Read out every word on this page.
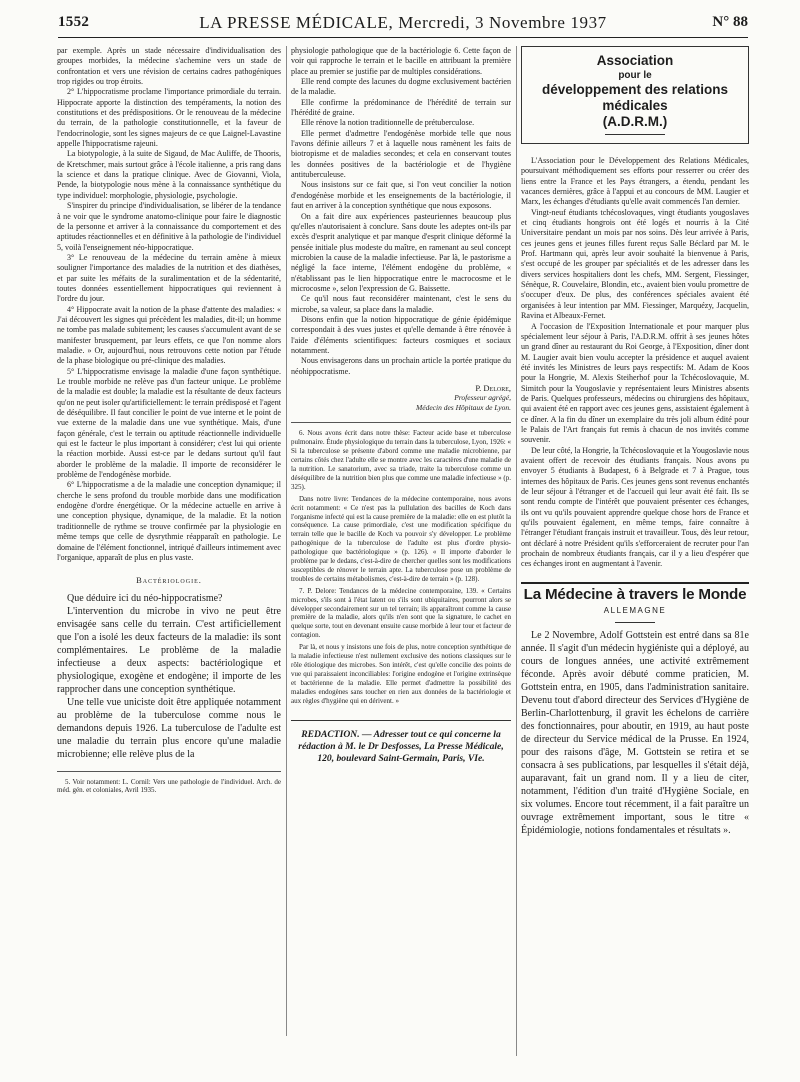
1552	LA PRESSE MÉDICALE, Mercredi, 3 Novembre 1937	N° 88

par exemple. Après un stade nécessaire d'individualisation des groupes morbides, la médecine s'achemine vers un stade de confrontation et vers une révision de certains cadres pathogéniques trop rigides ou trop étroits.

2° L'hippocratisme proclame l'importance primordiale du terrain. Hippocrate apporte la distinction des tempéraments, la notion des constitutions et des prédispositions. Or le renouveau de la médecine du terrain, de la pathologie constitutionnelle, et la faveur de l'endocrinologie, sont les signes majeurs de ce que Laignel-Lavastine appelle l'hippocratisme rajeuni.

La biotypologie, à la suite de Sigaud, de Mac Auliffe, de Thooris, de Kretschmer, mais surtout grâce à l'école italienne, a pris rang dans la science et dans la pratique clinique. Avec de Giovanni, Viola, Pende, la biotypologie nous mène à la connaissance synthétique du type individuel: morphologie, physiologie, psychologie.

S'inspirer du principe d'individualisation, se libérer de la tendance à ne voir que le syndrome anatomo-clinique pour faire le diagnostic de la personne et arriver à la connaissance du comportement et des aptitudes réactionnelles et en définitive à la pathologie de l'individuel 5, voilà l'enseignement néo-hippocratique.

3° Le renouveau de la médecine du terrain amène à mieux souligner l'importance des maladies de la nutrition et des diathèses, et par suite les méfaits de la suralimentation et de la sédentarité, toutes données essentiellement hippocratiques qui reviennent à l'ordre du jour.

4° Hippocrate avait la notion de la phase d'attente des maladies: « J'ai découvert les signes qui précèdent les maladies, dit-il; un homme ne tombe pas malade subitement; les causes s'accumulent avant de se manifester brusquement, par leurs effets, ce que l'on nomme alors maladie. » Or, aujourd'hui, nous retrouvons cette notion par l'étude de la phase biologique ou pré-clinique des maladies.

5° L'hippocratisme envisage la maladie d'une façon synthétique. Le trouble morbide ne relève pas d'un facteur unique. Le problème de la maladie est double; la maladie est la résultante de deux facteurs qu'on ne peut isoler qu'artificiellement: le terrain prédisposé et l'agent de déséquilibre. Il faut concilier le point de vue interne et le point de vue externe de la maladie dans une vue synthétique. Mais, d'une façon générale, c'est le terrain ou aptitude réactionnelle individuelle qui est le facteur le plus important à considérer; c'est lui qui oriente la réaction morbide. Aussi est-ce par le dedans surtout qu'il faut aborder le problème de la maladie. Il importe de reconsidérer le problème de l'endogénèse morbide.

6° L'hippocratisme a de la maladie une conception dynamique; il cherche le sens profond du trouble morbide dans une modification endogène d'ordre énergétique. Or la médecine actuelle en arrive à une conception physique, dynamique, de la maladie. Et la notion traditionnelle de rythme se trouve confirmée par la physiologie en même temps que celle de dysrythmie réapparaît en pathologie. Le domaine de l'élément fonctionnel, intriqué d'ailleurs intimement avec l'organique, apparaît de plus en plus vaste.

Bactériologie.

Que déduire ici du néo-hippocratisme?

L'intervention du microbe in vivo ne peut être envisagée sans celle du terrain. C'est artificiellement que l'on a isolé les deux facteurs de la maladie: ils sont complémentaires. Le problème de la maladie infectieuse a deux aspects: bactériologique et physiologique, exogène et endogène; il importe de les rapprocher dans une conception synthétique.

Une telle vue uniciste doit être appliquée notamment au problème de la tuberculose comme nous le demandons depuis 1926. La tuberculose de l'adulte est une maladie du terrain plus encore qu'une maladie microbienne; elle relève plus de la

5. Voir notamment: L. Cornil: Vers une pathologie de l'individuel. Arch. de méd. gén. et coloniales, Avril 1935.

physiologie pathologique que de la bactériologie 6. Cette façon de voir qui rapproche le terrain et le bacille en attribuant la première place au premier se justifie par de multiples considérations.

Elle rend compte des lacunes du dogme exclusivement bactérien de la maladie.

Elle confirme la prédominance de l'hérédité de terrain sur l'hérédité de graine.

Elle rénove la notion traditionnelle de prétuberculose.

Elle permet d'admettre l'endogénèse morbide telle que nous l'avons définie ailleurs 7 et à laquelle nous ramènent les faits de biotropisme et de maladies secondes; et cela en conservant toutes les données positives de la bactériologie et de l'hygiène antituberculeuse.

Nous insistons sur ce fait que, si l'on veut concilier la notion d'endogénèse morbide et les enseignements de la bactériologie, il faut en arriver à la conception synthétique que nous exposons.

On a fait dire aux expériences pasteuriennes beaucoup plus qu'elles n'autorisaient à conclure. Sans doute les adeptes ont-ils par excès d'esprit analytique et par manque d'esprit clinique déformé la pensée initiale plus modeste du maître, en ramenant au seul concept microbien la cause de la maladie infectieuse. Par là, le pastorisme a négligé la face interne, l'élément endogène du problème, « n'établissant pas le lien hippocratique entre le macrocosme et le microcosme », selon l'expression de G. Baissette.

Ce qu'il nous faut reconsidérer maintenant, c'est le sens du microbe, sa valeur, sa place dans la maladie.

Disons enfin que la notion hippocratique de génie épidémique correspondait à des vues justes et qu'elle demande à être rénovée à l'aide d'éléments scientifiques: facteurs cosmiques et sociaux notamment.

Nous envisagerons dans un prochain article la portée pratique du néohippocratisme.

P. Delore,
Professeur agrégé,
Médecin des Hôpitaux de Lyon.

6. Nous avons écrit dans notre thèse: Facteur acide base et tuberculose pulmonaire. Étude physiologique du terrain dans la tuberculose, Lyon, 1926: « Si la tuberculose se présente d'abord comme une maladie microbienne, par certains côtés chez l'adulte elle se montre avec les caractères d'une maladie de la nutrition. Le sanatorium, avec sa triade, traite la tuberculose comme un déséquilibre de la nutrition bien plus que comme une maladie infectieuse » (p. 325).

Dans notre livre: Tendances de la médecine contemporaine, nous avons écrit notamment: « Ce n'est pas la pullulation des bacilles de Koch dans l'organisme infecté qui est la cause première de la maladie: elle en est plutôt la conséquence. La cause primordiale, c'est une modification spécifique du terrain telle que le bacille de Koch va pouvoir s'y développer. Le problème pathogénique de la tuberculose de l'adulte est plus d'ordre physio-pathologique que bactériologique » (p. 126). « Il importe d'aborder le problème par le dedans, c'est-à-dire de chercher quelles sont les modifications susceptibles de rénover le terrain apte. La tuberculose pose un problème de troubles de certains métabolismes, c'est-à-dire de terrain » (p. 128).

7. P. Delore: Tendances de la médecine contemporaine, 139. « Certains microbes, s'ils sont à l'état latent ou s'ils sont ubiquitaires, pourront alors se développer secondairement sur un tel terrain; ils apparaîtront comme la cause première de la maladie, alors qu'ils n'en sont que la signature, le cachet en quelque sorte, tout en devenant ensuite cause morbide à leur tour et facteur de contagion.

Par là, et nous y insistons une fois de plus, notre conception synthétique de la maladie infectieuse n'est nullement exclusive des notions classiques sur le rôle étiologique des microbes. Son intérêt, c'est qu'elle concilie des points de vue qui paraissaient inconciliables: l'origine endogène et l'origine extrinsèque et bactérienne de la maladie. Elle permet d'admettre la possibilité des maladies endogènes sans toucher en rien aux données de la bactériologie et aux règles d'hygiène qui en dérivent. »

REDACTION. — Adresser tout ce qui concerne la rédaction à M. le Dr Desfosses, La Presse Médicale, 120, boulevard Saint-Germain, Paris, VIe.
Association
pour le
développement des relations médicales
(A.D.R.M.)

L'Association pour le Développement des Relations Médicales, poursuivant méthodiquement ses efforts pour resserrer ou créer des liens entre la France et les Pays étrangers, a étendu, pendant les vacances dernières, grâce à l'appui et au concours de MM. Laugier et Marx, les échanges d'étudiants qu'elle avait commencés l'an dernier.

Vingt-neuf étudiants tchécoslovaques, vingt étudiants yougoslaves et cinq étudiants hongrois ont été logés et nourris à la Cité Universitaire pendant un mois par nos soins. Dès leur arrivée à Paris, ces jeunes gens et jeunes filles furent reçus Salle Béclard par M. le Prof. Hartmann qui, après leur avoir souhaité la bienvenue à Paris, s'est occupé de les grouper par spécialités et de les adresser dans les divers services hospitaliers dont les chefs, MM. Sergent, Fiessinger, Sénèque, R. Couvelaire, Blondin, etc., avaient bien voulu promettre de s'occuper d'eux. De plus, des conférences spéciales avaient été organisées à leur intention par MM. Fiessinger, Marquézy, Jacquelin, Ravina et Albeaux-Fernet.

A l'occasion de l'Exposition Internationale et pour marquer plus spécialement leur séjour à Paris, l'A.D.R.M. offrit à ses jeunes hôtes un grand dîner au restaurant du Roi George, à l'Exposition, dîner dont M. Laugier avait bien voulu accepter la présidence et auquel avaient été invités les Ministres de leurs pays respectifs: M. Adam de Koos pour la Hongrie, M. Alexis Steiherhof pour la Tchécoslovaquie, M. Simitch pour la Yougoslavie y représentaient leurs Ministres absents de Paris. Quelques professeurs, médecins ou chirurgiens des hôpitaux, qui avaient été en rapport avec ces jeunes gens, assistaient également à ce dîner. A la fin du dîner un exemplaire du très joli album édité pour le Palais de l'Art français fut remis à chacun de nos invités comme souvenir.

De leur côté, la Hongrie, la Tchécoslovaquie et la Yougoslavie nous avaient offert de recevoir des étudiants français. Nous avons pu envoyer 5 étudiants à Budapest, 6 à Belgrade et 7 à Prague, tous internes des hôpitaux de Paris. Ces jeunes gens sont revenus enchantés de leur séjour à l'étranger et de l'accueil qui leur avait été fait. Ils se sont rendu compte de l'intérêt que pouvaient présenter ces échanges, ils ont vu qu'ils pouvaient apprendre quelque chose hors de France et qu'ils pouvaient également, en même temps, faire connaître à l'étranger l'étudiant français instruit et travailleur. Tous, dès leur retour, ont déclaré à notre Président qu'ils s'efforceraient de recruter pour l'an prochain de nombreux étudiants français, car il y a lieu d'espérer que ces échanges iront en augmentant à l'avenir.

La Médecine à travers le Monde
ALLEMAGNE

Le 2 Novembre, Adolf Gottstein est entré dans sa 81e année. Il s'agit d'un médecin hygiéniste qui a déployé, au cours de longues années, une activité extrêmement féconde. Après avoir débuté comme praticien, M. Gottstein entra, en 1905, dans l'administration sanitaire. Devenu tout d'abord directeur des Services d'Hygiène de Berlin-Charlottenburg, il gravit les échelons de carrière des fonctionnaires, pour aboutir, en 1919, au haut poste de directeur du Service médical de la Prusse. En 1924, pour des raisons d'âge, M. Gottstein se retira et se consacra à ses publications, par lesquelles il s'était déjà, auparavant, fait un grand nom. Il y a lieu de citer, notamment, l'édition d'un traité d'Hygiène Sociale, en six volumes. Encore tout récemment, il a fait paraître un ouvrage extrêmement important, sous le titre « Épidémiologie, notions fondamentales et résultats ».
